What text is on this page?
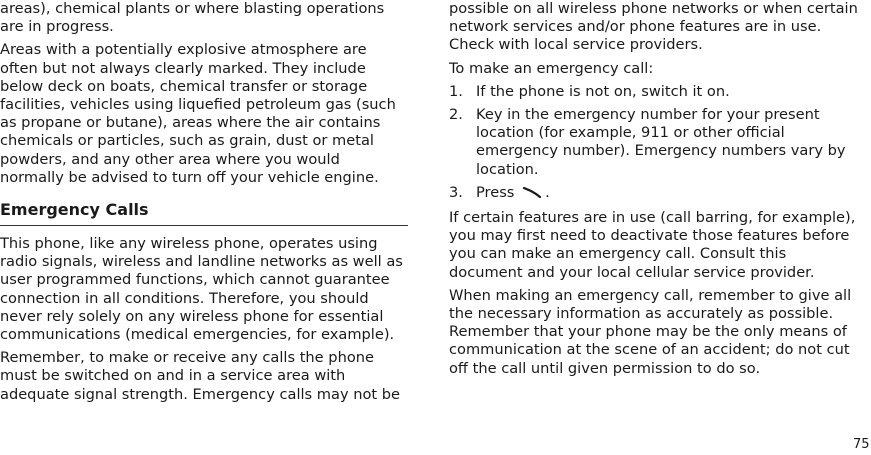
areas), chemical plants or where blasting operations are in progress.

Areas with a potentially explosive atmosphere are often but not always clearly marked. They include below deck on boats, chemical transfer or storage facilities, vehicles using liquefied petroleum gas (such as propane or butane), areas where the air contains chemicals or particles, such as grain, dust or metal powders, and any other area where you would normally be advised to turn off your vehicle engine.

Emergency Calls

This phone, like any wireless phone, operates using radio signals, wireless and landline networks as well as user programmed functions, which cannot guarantee connection in all conditions. Therefore, you should never rely solely on any wireless phone for essential communications (medical emergencies, for example).

Remember, to make or receive any calls the phone must be switched on and in a service area with adequate signal strength. Emergency calls may not be

possible on all wireless phone networks or when certain network services and/or phone features are in use. Check with local service providers.

To make an emergency call:

1. If the phone is not on, switch it on.
2. Key in the emergency number for your present location (for example, 911 or other official emergency number). Emergency numbers vary by location.
3. Press .

If certain features are in use (call barring, for example), you may first need to deactivate those features before you can make an emergency call. Consult this document and your local cellular service provider.

When making an emergency call, remember to give all the necessary information as accurately as possible. Remember that your phone may be the only means of communication at the scene of an accident; do not cut off the call until given permission to do so.

75
